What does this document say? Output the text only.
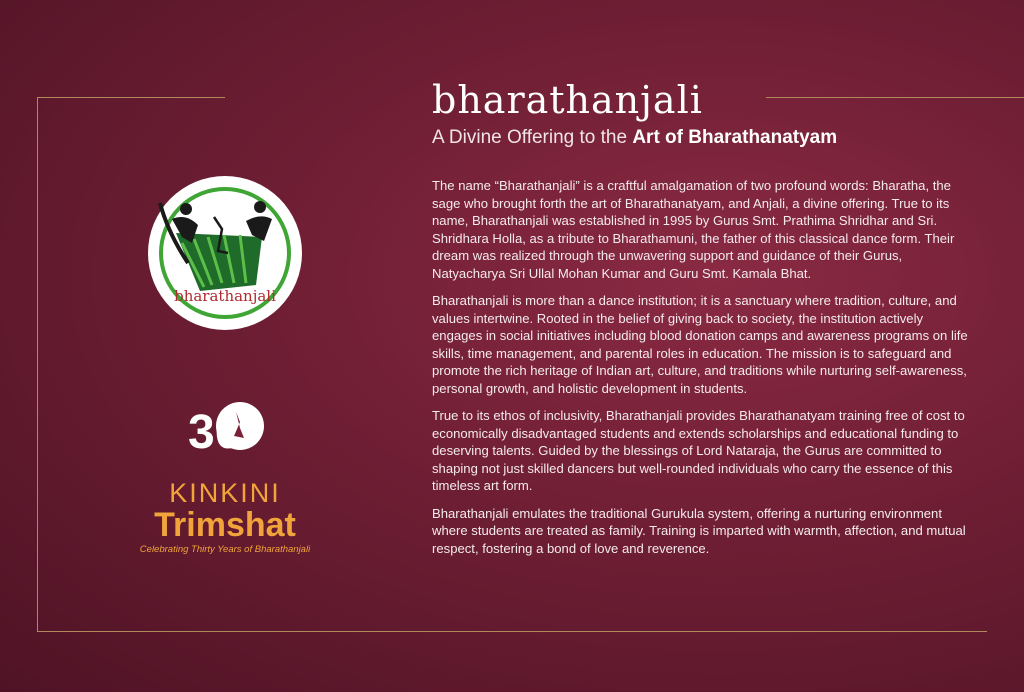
bharathanjali

A Divine Offering to the Art of Bharathanatyam

bharathanjali
30
KINKINI
Trimshat
Celebrating Thirty Years of Bharathanjali

The name “Bharathanjali” is a craftful amalgamation of two profound words: Bharatha, the sage who brought forth the art of Bharathanatyam, and Anjali, a divine offering. True to its name, Bharathanjali was established in 1995 by Gurus Smt. Prathima Shridhar and Sri. Shridhara Holla, as a tribute to Bharathamuni, the father of this classical dance form. Their dream was realized through the unwavering support and guidance of their Gurus, Natyacharya Sri Ullal Mohan Kumar and Guru Smt. Kamala Bhat.

Bharathanjali is more than a dance institution; it is a sanctuary where tradition, culture, and values intertwine. Rooted in the belief of giving back to society, the institution actively engages in social initiatives including blood donation camps and awareness programs on life skills, time management, and parental roles in education. The mission is to safeguard and promote the rich heritage of Indian art, culture, and traditions while nurturing self-awareness, personal growth, and holistic development in students.

True to its ethos of inclusivity, Bharathanjali provides Bharathanatyam training free of cost to economically disadvantaged students and extends scholarships and educational funding to deserving talents. Guided by the blessings of Lord Nataraja, the Gurus are committed to shaping not just skilled dancers but well-rounded individuals who carry the essence of this timeless art form.

Bharathanjali emulates the traditional Gurukula system, offering a nurturing environment where students are treated as family. Training is imparted with warmth, affection, and mutual respect, fostering a bond of love and reverence.
